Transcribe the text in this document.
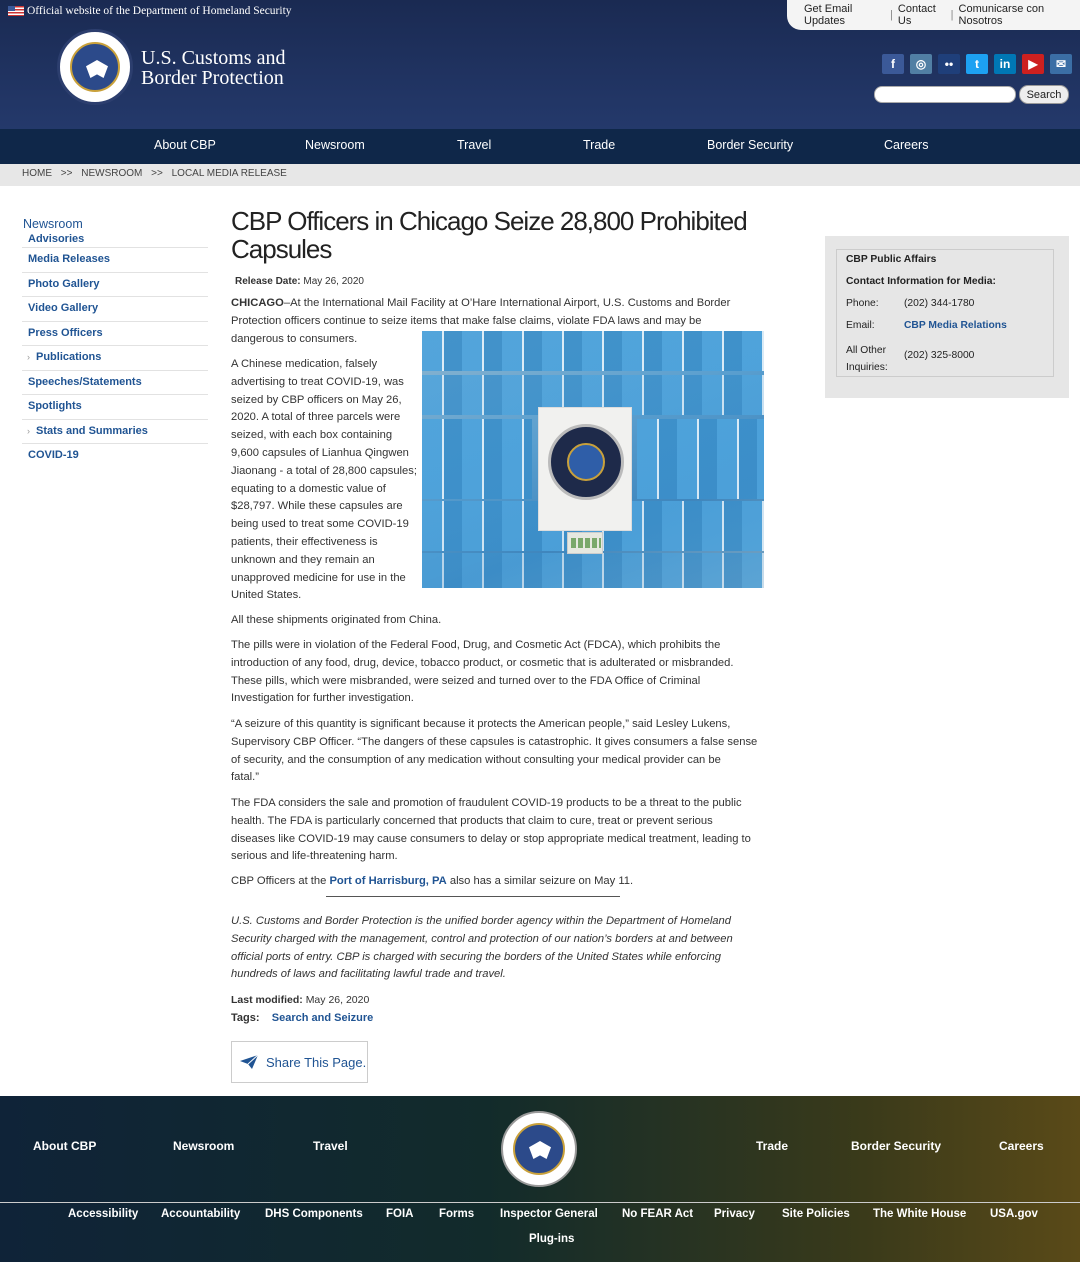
Official website of the Department of Homeland Security	Get Email Updates	| Contact Us	| Comunicarse con Nosotros
U.S. Customs and
Border Protection
f	◎	••	t	in	▶	✉
Search
About CBP	Newsroom	Travel	Trade	Border Security	Careers
HOME >> NEWSROOM >> LOCAL MEDIA RELEASE
Newsroom
Advisories
Media Releases
Photo Gallery
Video Gallery
Press Officers
› Publications
Speeches/Statements
Spotlights
› Stats and Summaries
COVID-19
CBP Officers in Chicago Seize 28,800 Prohibited Capsules
Release Date: May 26, 2020
CHICAGO–At the International Mail Facility at O’Hare International Airport, U.S. Customs and Border
Protection officers continue to seize items that make false claims, violate FDA laws and may be
dangerous to consumers.
A Chinese medication, falsely
advertising to treat COVID-19, was
seized by CBP officers on May 26,
2020. A total of three parcels were
seized, with each box containing
9,600 capsules of Lianhua Qingwen
Jiaonang - a total of 28,800 capsules;
equating to a domestic value of
$28,797. While these capsules are
being used to treat some COVID-19
patients, their effectiveness is
unknown and they remain an
unapproved medicine for use in the
United States.
All these shipments originated from China.
The pills were in violation of the Federal Food, Drug, and Cosmetic Act (FDCA), which prohibits the
introduction of any food, drug, device, tobacco product, or cosmetic that is adulterated or misbranded.
These pills, which were misbranded, were seized and turned over to the FDA Office of Criminal
Investigation for further investigation.
“A seizure of this quantity is significant because it protects the American people,” said Lesley Lukens,
Supervisory CBP Officer. “The dangers of these capsules is catastrophic. It gives consumers a false sense
of security, and the consumption of any medication without consulting your medical provider can be
fatal.”
The FDA considers the sale and promotion of fraudulent COVID-19 products to be a threat to the public
health. The FDA is particularly concerned that products that claim to cure, treat or prevent serious
diseases like COVID-19 may cause consumers to delay or stop appropriate medical treatment, leading to
serious and life-threatening harm.
CBP Officers at the Port of Harrisburg, PA also has a similar seizure on May 11.
U.S. Customs and Border Protection is the unified border agency within the Department of Homeland
Security charged with the management, control and protection of our nation’s borders at and between
official ports of entry. CBP is charged with securing the borders of the United States while enforcing
hundreds of laws and facilitating lawful trade and travel.
Last modified: May 26, 2020
Tags: Search and Seizure
Share This Page.
CBP Public Affairs
Contact Information for Media:
Phone: (202) 344-1780
Email:	CBP Media Relations
All Other
Inquiries:
(202) 325-8000
About CBP	Newsroom	Travel	Trade	Border Security	Careers
Accessibility Accountability DHS Components FOIA Forms Inspector General No FEAR Act Privacy Site Policies The White House USA.gov
Plug-ins
